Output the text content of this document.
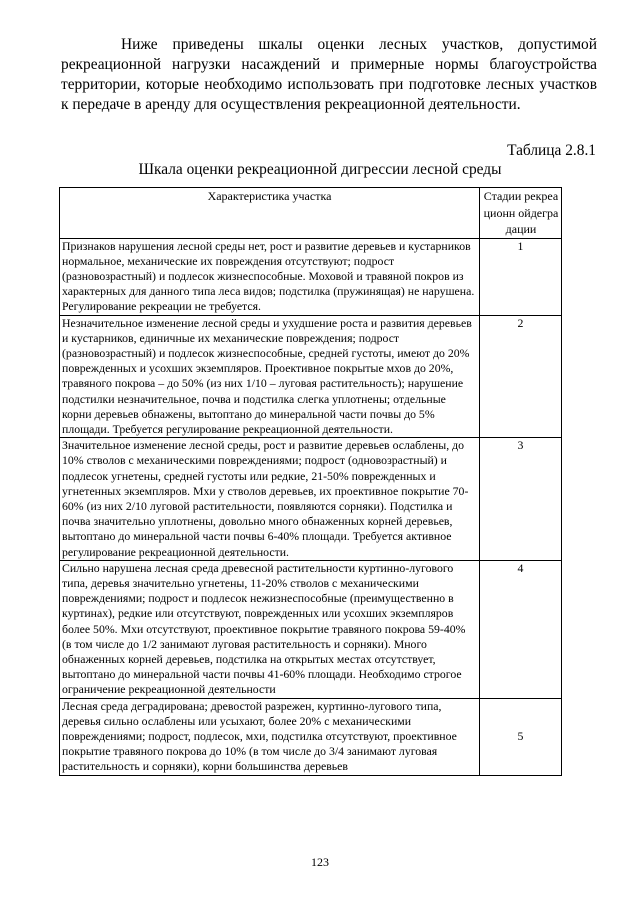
Ниже приведены шкалы оценки лесных участков, допустимой рекреационной нагрузки насаждений и примерные нормы благоустройства территории, которые необходимо использовать при подготовке лесных участков к передаче в аренду для осуществления рекреационной деятельности.

Таблица 2.8.1
Шкала оценки рекреационной дигрессии лесной среды
Характеристика участка	Стадии рекреационн ойдеградации

Признаков нарушения лесной среды нет, рост и развитие деревьев и кустарников нормальное, механические их повреждения отсутствуют; подрост (разновозрастный) и подлесок жизнеспособные. Моховой и травяной покров из характерных для данного типа леса видов; подстилка (пружинящая) не нарушена. Регулирование рекреации не требуется.	1
Незначительное изменение лесной среды и ухудшение роста и развития деревьев и кустарников, единичные их механические повреждения; подрост (разновозрастный) и подлесок жизнеспособные, средней густоты, имеют до 20% поврежденных и усохших экземпляров. Проективное покрытые мхов до 20%, травяного покрова – до 50% (из них 1/10 – луговая растительность); нарушение подстилки незначительное, почва и подстилка слегка уплотнены; отдельные корни деревьев обнажены, вытоптано до минеральной части почвы до 5% площади. Требуется регулирование рекреационной деятельности.	2
Значительное изменение лесной среды, рост и развитие деревьев ослаблены, до 10% стволов с механическими повреждениями; подрост (одновозрастный) и подлесок угнетены, средней густоты или редкие, 21-50% поврежденных и угнетенных экземпляров. Мхи у стволов деревьев, их проективное покрытие 70-60% (из них 2/10 луговой растительности, появляются сорняки). Подстилка и почва значительно уплотнены, довольно много обнаженных корней деревьев, вытоптано до минеральной части почвы 6-40% площади. Требуется активное регулирование рекреационной деятельности.	3
Сильно нарушена лесная среда древесной растительности куртинно-лугового типа, деревья значительно угнетены, 11-20% стволов с механическими повреждениями; подрост и подлесок нежизнеспособные (преимущественно в куртинах), редкие или отсутствуют, поврежденных или усохших экземпляров более 50%. Мхи отсутствуют, проективное покрытие травяного покрова 59-40% (в том числе до 1/2 занимают луговая растительность и сорняки). Много обнаженных корней деревьев, подстилка на открытых местах отсутствует, вытоптано до минеральной части почвы 41-60% площади. Необходимо строгое ограничение рекреационной деятельности	4
Лесная среда деградирована; древостой разрежен, куртинно-лугового типа, деревья сильно ослаблены или усыхают, более 20% с механическими повреждениями; подрост, подлесок, мхи, подстилка отсутствуют, проективное покрытие травяного покрова до 10% (в том числе до 3/4 занимают луговая растительность и сорняки), корни большинства деревьев	5
123
